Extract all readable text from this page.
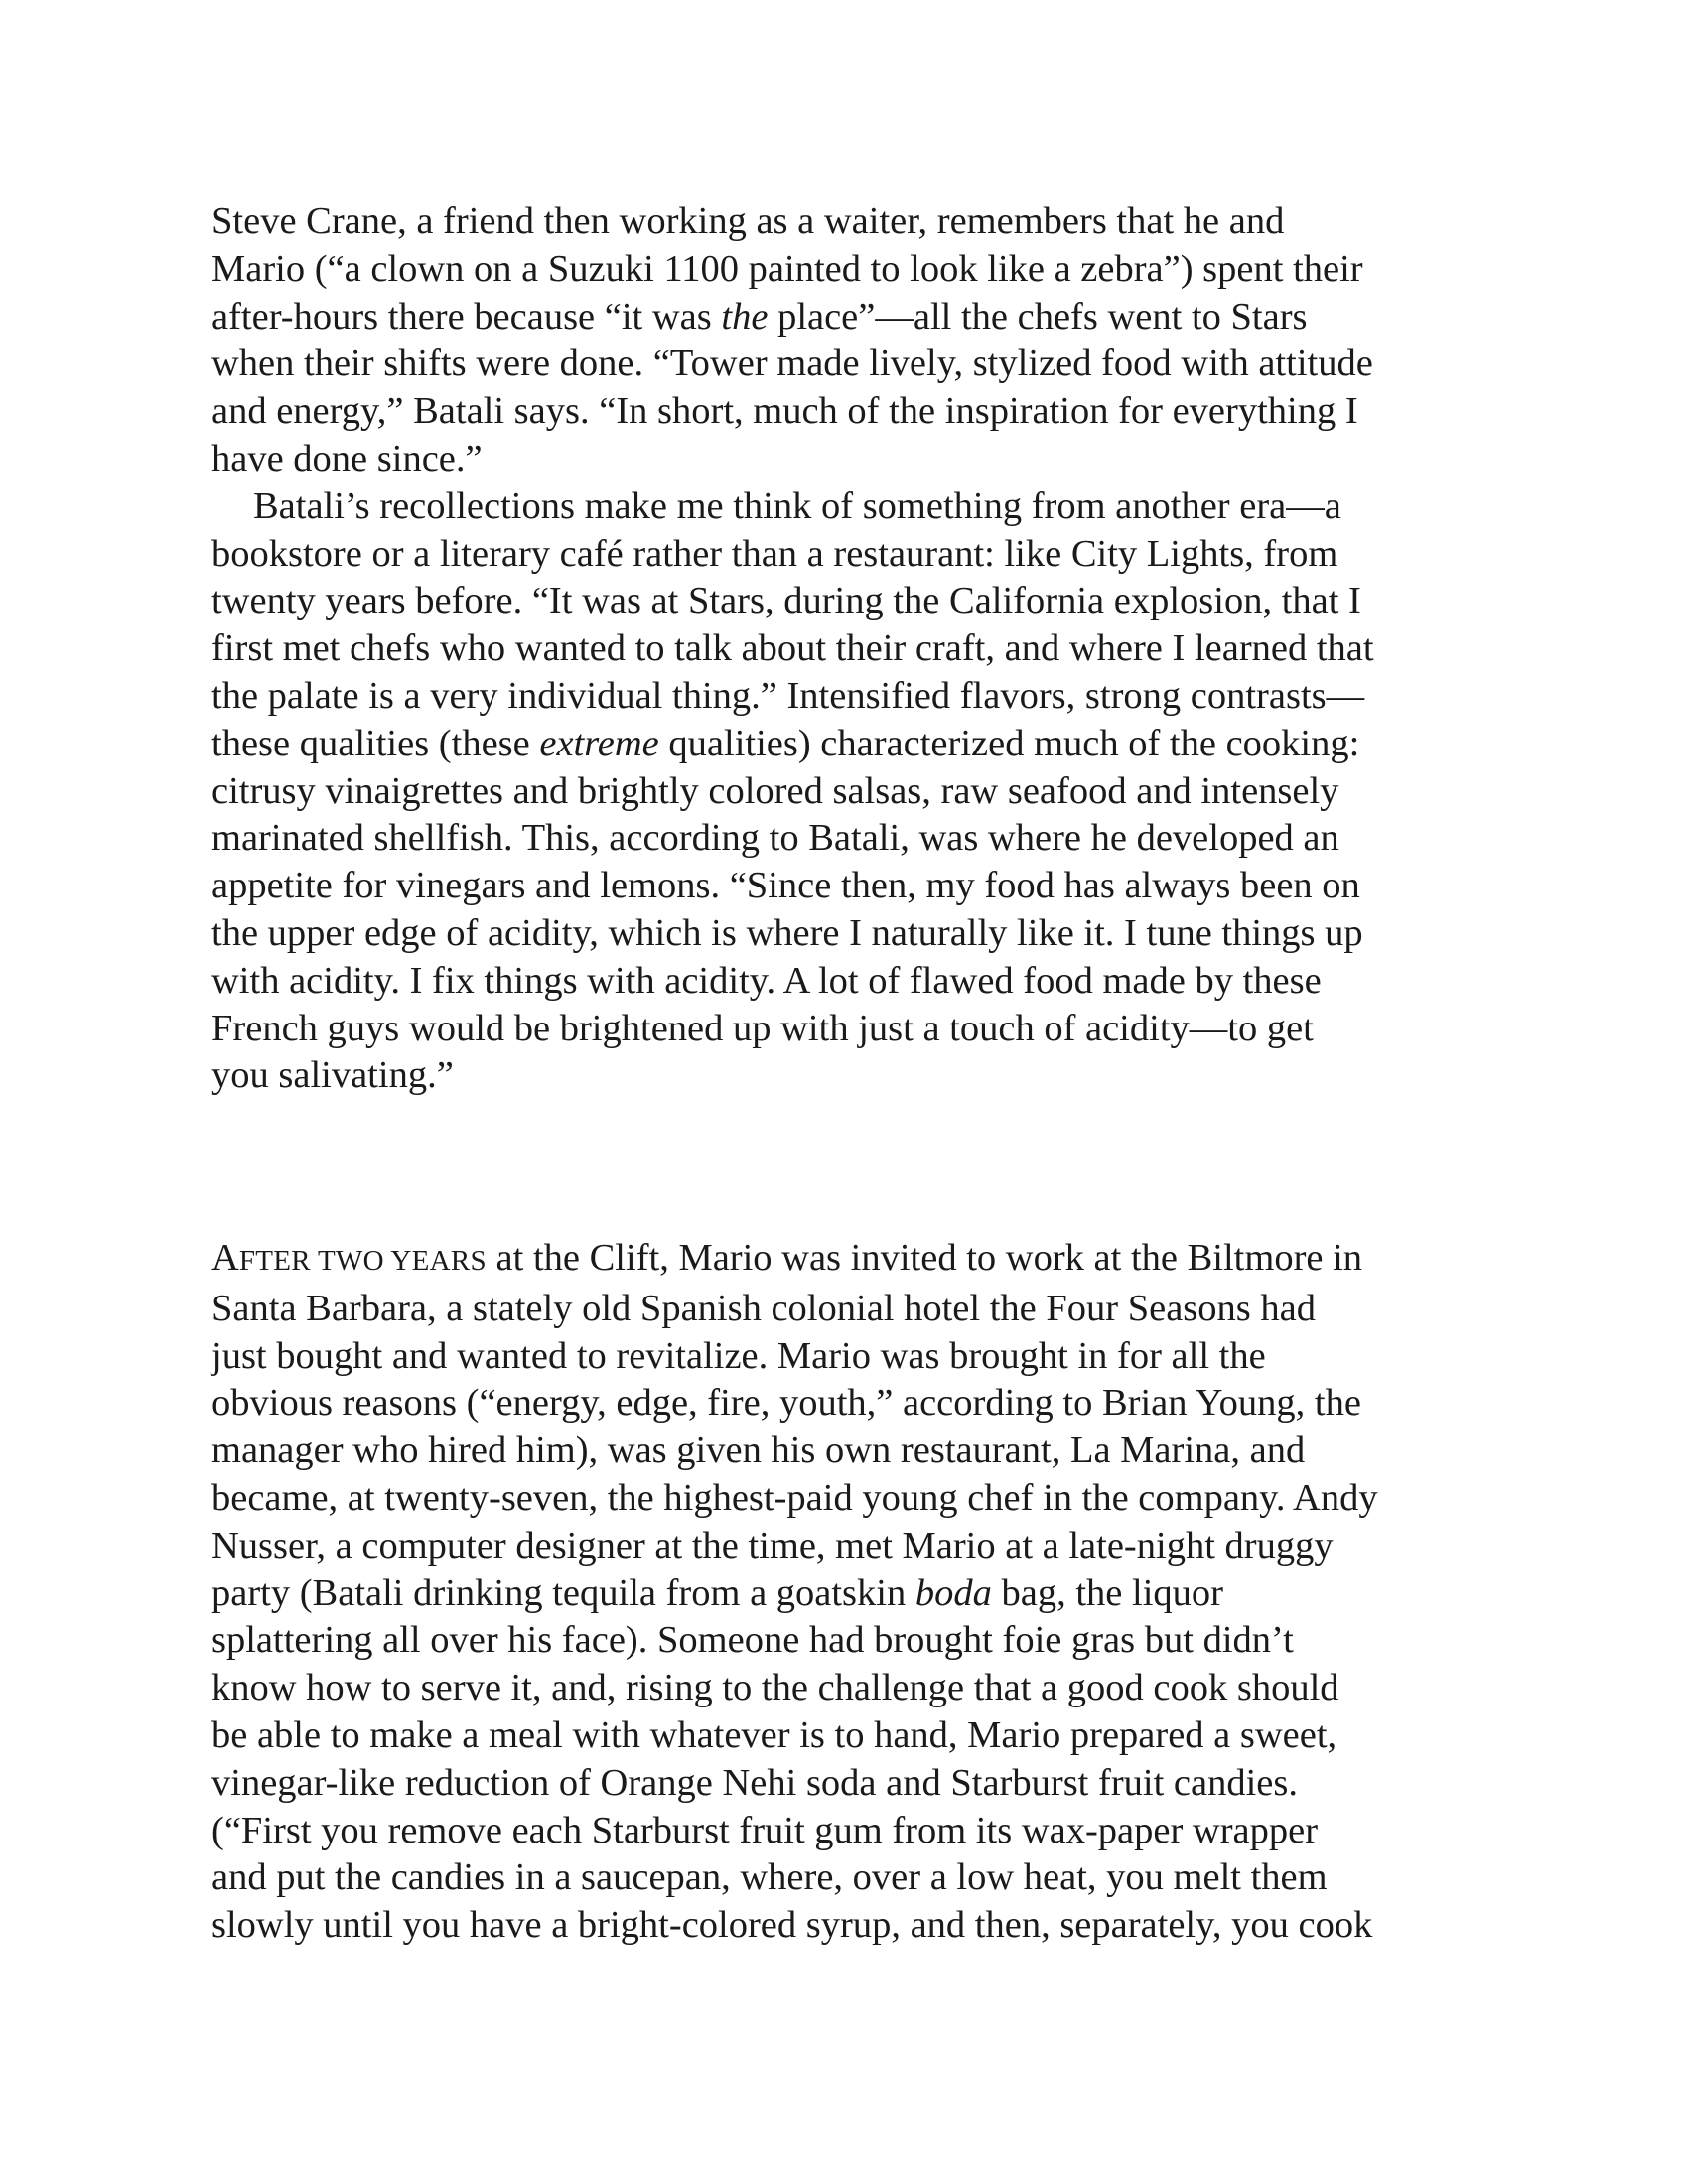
Steve Crane, a friend then working as a waiter, remembers that he and
Mario (“a clown on a Suzuki 1100 painted to look like a zebra”) spent their
after-hours there because “it was the place”—all the chefs went to Stars
when their shifts were done. “Tower made lively, stylized food with attitude
and energy,” Batali says. “In short, much of the inspiration for everything I
have done since.”
Batali’s recollections make me think of something from another era—a
bookstore or a literary café rather than a restaurant: like City Lights, from
twenty years before. “It was at Stars, during the California explosion, that I
first met chefs who wanted to talk about their craft, and where I learned that
the palate is a very individual thing.” Intensified flavors, strong contrasts—
these qualities (these extreme qualities) characterized much of the cooking:
citrusy vinaigrettes and brightly colored salsas, raw seafood and intensely
marinated shellfish. This, according to Batali, was where he developed an
appetite for vinegars and lemons. “Since then, my food has always been on
the upper edge of acidity, which is where I naturally like it. I tune things up
with acidity. I fix things with acidity. A lot of flawed food made by these
French guys would be brightened up with just a touch of acidity—to get
you salivating.”
AFTER TWO YEARS at the Clift, Mario was invited to work at the Biltmore in
Santa Barbara, a stately old Spanish colonial hotel the Four Seasons had
just bought and wanted to revitalize. Mario was brought in for all the
obvious reasons (“energy, edge, fire, youth,” according to Brian Young, the
manager who hired him), was given his own restaurant, La Marina, and
became, at twenty-seven, the highest-paid young chef in the company. Andy
Nusser, a computer designer at the time, met Mario at a late-night druggy
party (Batali drinking tequila from a goatskin boda bag, the liquor
splattering all over his face). Someone had brought foie gras but didn’t
know how to serve it, and, rising to the challenge that a good cook should
be able to make a meal with whatever is to hand, Mario prepared a sweet,
vinegar-like reduction of Orange Nehi soda and Starburst fruit candies.
(“First you remove each Starburst fruit gum from its wax-paper wrapper
and put the candies in a saucepan, where, over a low heat, you melt them
slowly until you have a bright-colored syrup, and then, separately, you cook
